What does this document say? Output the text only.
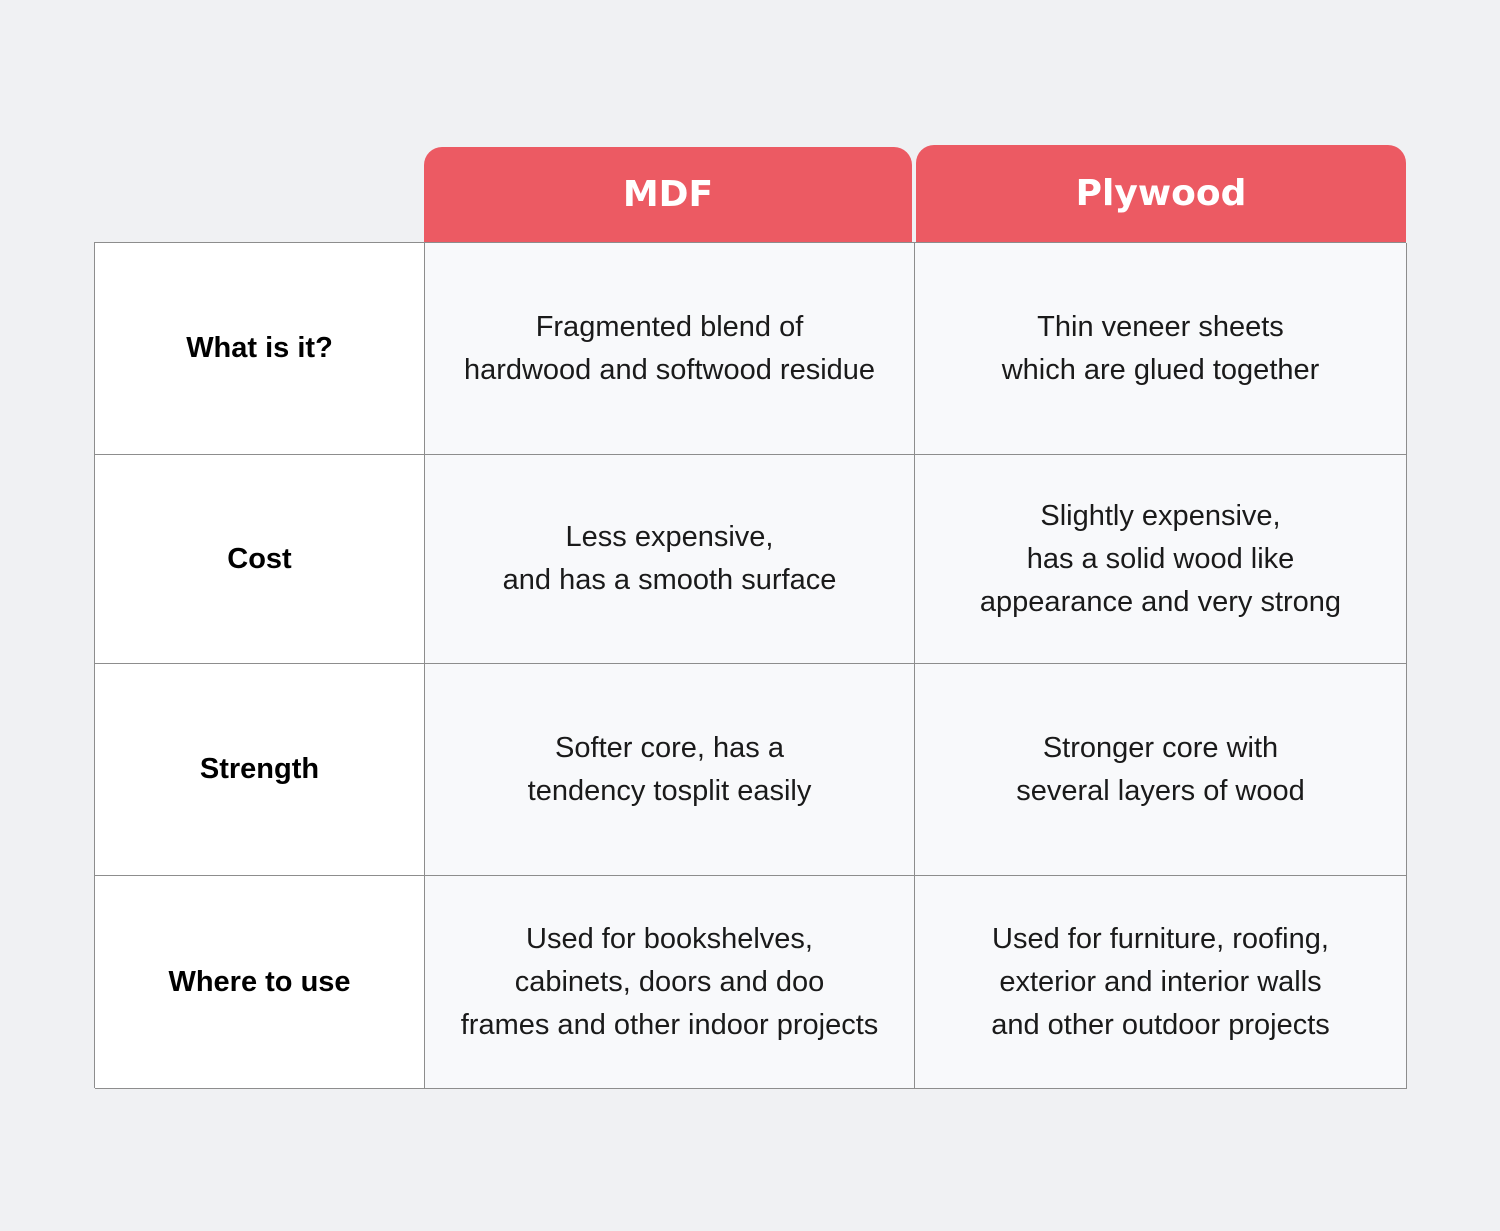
MDF	Plywood
What is it?
Fragmented blend of
hardwood and softwood residue
Thin veneer sheets
which are glued together
Cost
Less expensive,
and has a smooth surface
Slightly expensive,
has a solid wood like
appearance and very strong
Strength
Softer core, has a
tendency tosplit easily
Stronger core with
several layers of wood
Where to use
Used for bookshelves,
cabinets, doors and doo
frames and other indoor projects
Used for furniture, roofing,
exterior and interior walls
and other outdoor projects
